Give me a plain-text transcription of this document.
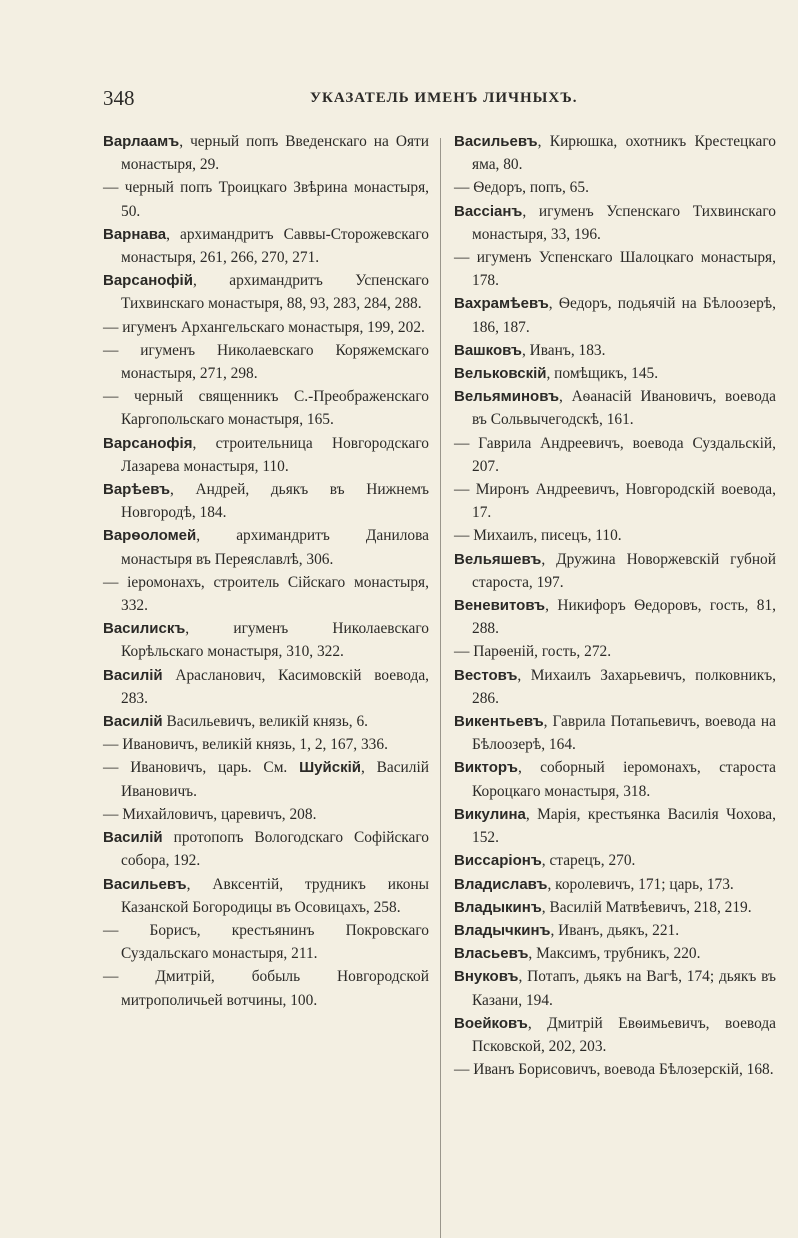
348	УКАЗАТЕЛЬ ИМЕНЪ ЛИЧНЫХЪ.

Варлаамъ, черный попъ Введенскаго на Ояти монастыря, 29.

— черный попъ Троицкаго Звѣрина монастыря, 50.

Варнава, архимандритъ Саввы-Сторожевскаго монастыря, 261, 266, 270, 271.

Варсанофій, архимандритъ Успенскаго Тихвинскаго монастыря, 88, 93, 283, 284, 288.

— игуменъ Архангельскаго монастыря, 199, 202.

— игуменъ Николаевскаго Коряжемскаго монастыря, 271, 298.

— черный священникъ С.-Преображенскаго Каргопольскаго монастыря, 165.

Варсанофія, строительница Новгородскаго Лазарева монастыря, 110.

Варѣевъ, Андрей, дьякъ въ Нижнемъ Новгородѣ, 184.

Варѳоломей, архимандритъ Данилова монастыря въ Переяславлѣ, 306.

— іеромонахъ, строитель Сійскаго монастыря, 332.

Василискъ, игуменъ Николаевскаго Корѣльскаго монастыря, 310, 322.

Василій Арасланович, Касимовскій воевода, 283.

Василій Васильевичъ, великій князь, 6.

— Ивановичъ, великій князь, 1, 2, 167, 336.

— Ивановичъ, царь. См. Шуйскій, Василій Ивановичъ.

— Михайловичъ, царевичъ, 208.

Василій протопопъ Вологодскаго Софійскаго собора, 192.

Васильевъ, Авксентій, трудникъ иконы Казанской Богородицы въ Осовицахъ, 258.

— Борисъ, крестьянинъ Покровскаго Суздальскаго монастыря, 211.

— Дмитрій, бобыль Новгородской митрополичьей вотчины, 100.

Васильевъ, Кирюшка, охотникъ Крестецкаго яма, 80.

— Ѳедоръ, попъ, 65.

Вассіанъ, игуменъ Успенскаго Тихвинскаго монастыря, 33, 196.

— игуменъ Успенскаго Шалоцкаго монастыря, 178.

Вахрамѣевъ, Ѳедоръ, подьячій на Бѣлоозерѣ, 186, 187.

Вашковъ, Иванъ, 183.

Вельковскій, помѣщикъ, 145.

Вельяминовъ, Аѳанасій Ивановичъ, воевода въ Сольвычегодскѣ, 161.

— Гаврила Андреевичъ, воевода Суздальскій, 207.

— Миронъ Андреевичъ, Новгородскій воевода, 17.

— Михаилъ, писецъ, 110.

Вельяшевъ, Дружина Новоржевскій губной староста, 197.

Веневитовъ, Никифоръ Ѳедоровъ, гость, 81, 288.

— Парѳеній, гость, 272.

Вестовъ, Михаилъ Захарьевичъ, полковникъ, 286.

Викентьевъ, Гаврила Потапьевичъ, воевода на Бѣлоозерѣ, 164.

Викторъ, соборный іеромонахъ, староста Короцкаго монастыря, 318.

Викулина, Марія, крестьянка Василія Чохова, 152.

Виссаріонъ, старецъ, 270.

Владиславъ, королевичъ, 171; царь, 173.

Владыкинъ, Василій Матвѣевичъ, 218, 219.

Владычкинъ, Иванъ, дьякъ, 221.

Власьевъ, Максимъ, трубникъ, 220.

Внуковъ, Потапъ, дьякъ на Вагѣ, 174; дьякъ въ Казани, 194.

Воейковъ, Дмитрій Евѳимьевичъ, воевода Псковской, 202, 203.

— Иванъ Борисовичъ, воевода Бѣлозерскій, 168.
